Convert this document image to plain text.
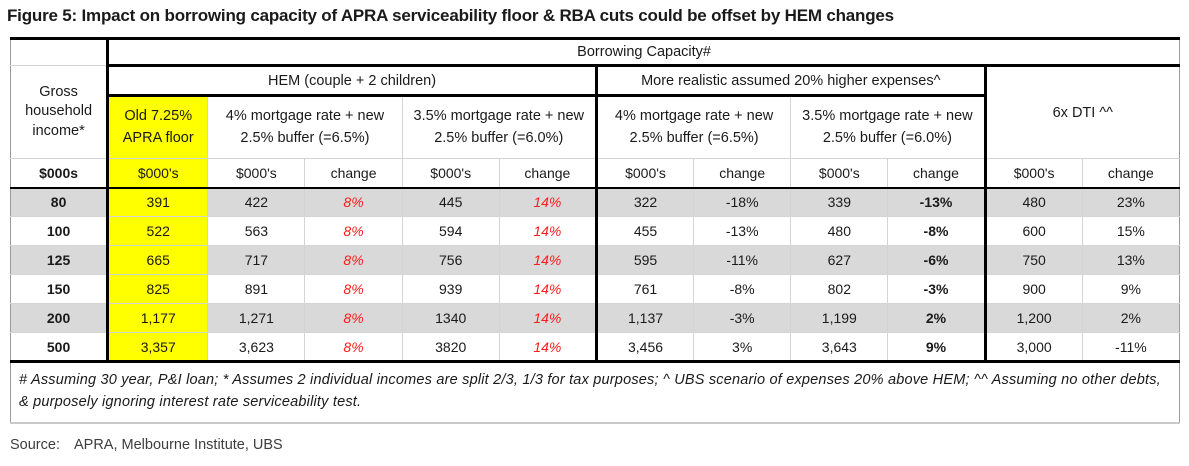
Figure 5: Impact on borrowing capacity of APRA serviceability floor & RBA cuts could be offset by HEM changes
	Borrowing Capacity#										
Gross household income*	HEM (couple + 2 children)					More realistic assumed 20% higher expenses^				6x DTI ^^	
	Old 7.25% APRA floor	4% mortgage rate + new 2.5% buffer (=6.5%)		3.5% mortgage rate + new 2.5% buffer (=6.0%)		4% mortgage rate + new 2.5% buffer (=6.5%)		3.5% mortgage rate + new 2.5% buffer (=6.0%)			
$000s	$000's	$000's	change	$000's	change	$000's	change	$000's	change	$000's	change
80	391	422	8%	445	14%	322	-18%	339	-13%	480	23%
100	522	563	8%	594	14%	455	-13%	480	-8%	600	15%
125	665	717	8%	756	14%	595	-11%	627	-6%	750	13%
150	825	891	8%	939	14%	761	-8%	802	-3%	900	9%
200	1,177	1,271	8%	1340	14%	1,137	-3%	1,199	2%	1,200	2%
500	3,357	3,623	8%	3820	14%	3,456	3%	3,643	9%	3,000	-11%
# Assuming 30 year, P&I loan; * Assumes 2 individual incomes are split 2/3, 1/3 for tax purposes; ^ UBS scenario of expenses 20% above HEM; ^^ Assuming no other debts, & purposely ignoring interest rate serviceability test.											
Source: APRA, Melbourne Institute, UBS
